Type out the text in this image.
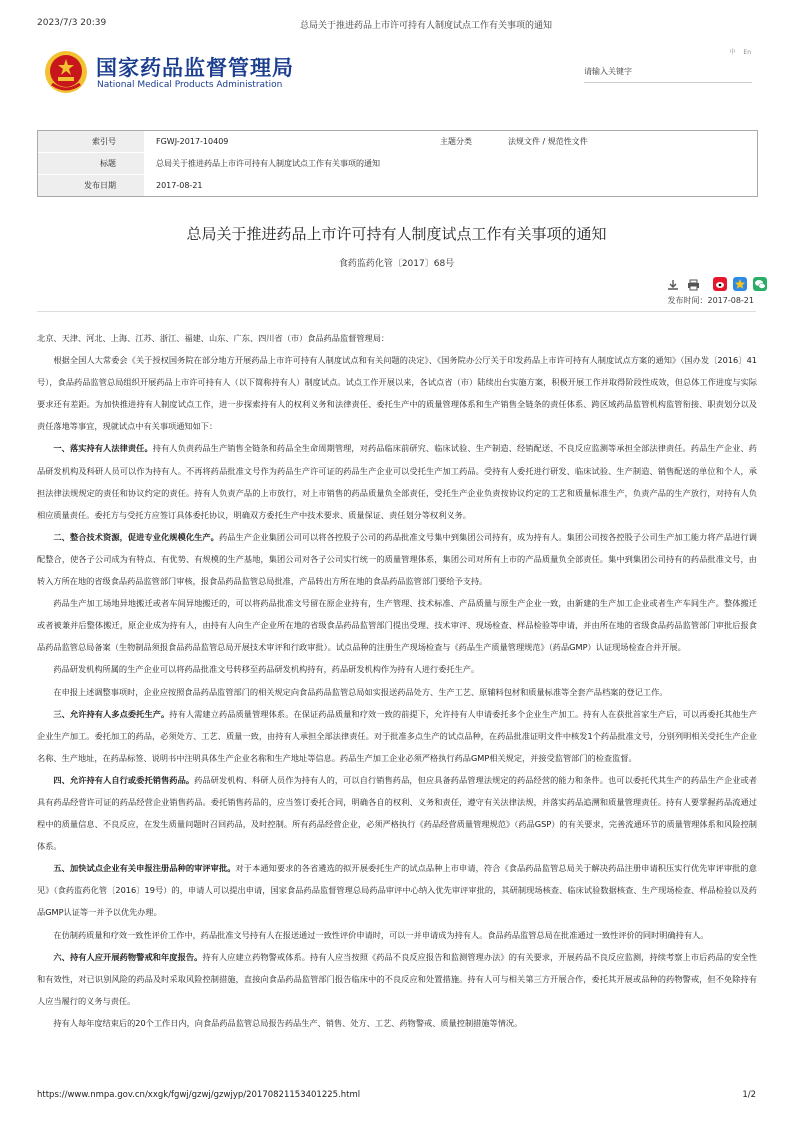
2023/7/3 20:39	总局关于推进药品上市许可持有人制度试点工作有关事项的通知
国家药品监督管理局
National Medical Products Administration
中 En
请输入关键字
索引号	FGWJ-2017-10409	主题分类	法规文件 / 规范性文件
标题	总局关于推进药品上市许可持有人制度试点工作有关事项的通知		
发布日期	2017-08-21		
总局关于推进药品上市许可持有人制度试点工作有关事项的通知
食药监药化管〔2017〕68号

发布时间：2017-08-21

北京、天津、河北、上海、江苏、浙江、福建、山东、广东、四川省（市）食品药品监督管理局：

根据全国人大常委会《关于授权国务院在部分地方开展药品上市许可持有人制度试点和有关问题的决定》、《国务院办公厅关于印发药品上市许可持有人制度试点方案的通知》（国办发〔2016〕41号），食品药品监管总局组织开展药品上市许可持有人（以下简称持有人）制度试点。试点工作开展以来，各试点省（市）陆续出台实施方案，积极开展工作并取得阶段性成效，但总体工作进度与实际要求还有差距。为加快推进持有人制度试点工作，进一步探索持有人的权利义务和法律责任、委托生产中的质量管理体系和生产销售全链条的责任体系、跨区域药品监管机构监管衔接、职责划分以及责任落地等事宜，现就试点中有关事项通知如下：

一、落实持有人法律责任。持有人负责药品生产销售全链条和药品全生命周期管理，对药品临床前研究、临床试验、生产制造、经销配送、不良反应监测等承担全部法律责任。药品生产企业、药品研发机构及科研人员可以作为持有人。不再将药品批准文号作为药品生产许可证的药品生产企业可以受托生产加工药品。受持有人委托进行研发、临床试验、生产制造、销售配送的单位和个人，承担法律法规规定的责任和协议约定的责任。持有人负责产品的上市放行，对上市销售的药品质量负全部责任，受托生产企业负责按协议约定的工艺和质量标准生产，负责产品的生产放行，对持有人负相应质量责任。委托方与受托方应签订具体委托协议，明确双方委托生产中技术要求、质量保证、责任划分等权利义务。

二、整合技术资源，促进专业化规模化生产。药品生产企业集团公司可以将各控股子公司的药品批准文号集中到集团公司持有，成为持有人。集团公司按各控股子公司生产加工能力将产品进行调配整合，使各子公司成为有特点、有优势、有规模的生产基地，集团公司对各子公司实行统一的质量管理体系，集团公司对所有上市的产品质量负全部责任。集中到集团公司持有的药品批准文号，由转入方所在地的省级食品药品监管部门审核，报食品药品监管总局批准，产品转出方所在地的食品药品监管部门要给予支持。

药品生产加工场地异地搬迁或者车间异地搬迁的，可以将药品批准文号留在原企业持有，生产管理、技术标准、产品质量与原生产企业一致，由新建的生产加工企业或者生产车间生产。整体搬迁或者被兼并后整体搬迁，原企业成为持有人，由持有人向生产企业所在地的省级食品药品监管部门提出受理、技术审评、现场检查、样品检验等申请，并由所在地的省级食品药品监管部门审批后报食品药品监管总局备案（生物制品须报食品药品监管总局开展技术审评和行政审批）。试点品种的注册生产现场检查与《药品生产质量管理规范》（药品GMP）认证现场检查合并开展。

药品研发机构所属的生产企业可以将药品批准文号转移至药品研发机构持有，药品研发机构作为持有人进行委托生产。

在申报上述调整事项时，企业应按照食品药品监管部门的相关规定向食品药品监管总局如实报送药品处方、生产工艺、原辅料包材和质量标准等全套产品档案的登记工作。

三、允许持有人多点委托生产。持有人需建立药品质量管理体系。在保证药品质量和疗效一致的前提下，允许持有人申请委托多个企业生产加工。持有人在获批首家生产后，可以再委托其他生产企业生产加工。委托加工的药品，必须处方、工艺、质量一致，由持有人承担全部法律责任。对于批准多点生产的试点品种，在药品批准证明文件中核发1个药品批准文号，分别列明相关受托生产企业名称、生产地址，在药品标签、说明书中注明具体生产企业名称和生产地址等信息。药品生产加工企业必须严格执行药品GMP相关规定，并接受监管部门的检查监督。

四、允许持有人自行或委托销售药品。药品研发机构、科研人员作为持有人的，可以自行销售药品，但应具备药品管理法规定的药品经营的能力和条件。也可以委托代其生产的药品生产企业或者具有药品经营许可证的药品经营企业销售药品。委托销售药品的，应当签订委托合同，明确各自的权利、义务和责任，遵守有关法律法规，并落实药品追溯和质量管理责任。持有人要掌握药品流通过程中的质量信息、不良反应，在发生质量问题时召回药品，及时控制。所有药品经营企业，必须严格执行《药品经营质量管理规范》（药品GSP）的有关要求，完善流通环节的质量管理体系和风险控制体系。

五、加快试点企业有关申报注册品种的审评审批。对于本通知要求的各省遴选的拟开展委托生产的试点品种上市申请，符合《食品药品监管总局关于解决药品注册申请积压实行优先审评审批的意见》（食药监药化管〔2016〕19号）的，申请人可以提出申请，国家食品药品监督管理总局药品审评中心纳入优先审评审批的，其研制现场核查、临床试验数据核查、生产现场检查、样品检验以及药品GMP认证等一并予以优先办理。

在仿制药质量和疗效一致性评价工作中，药品批准文号持有人在报送通过一致性评价申请时，可以一并申请成为持有人。食品药品监管总局在批准通过一致性评价的同时明确持有人。

六、持有人应开展药物警戒和年度报告。持有人应建立药物警戒体系。持有人应当按照《药品不良反应报告和监测管理办法》的有关要求，开展药品不良反应监测，持续考察上市后药品的安全性和有效性，对已识别风险的药品及时采取风险控制措施，直接向食品药品监管部门报告临床中的不良反应和处置措施。持有人可与相关第三方开展合作，委托其开展或品种的药物警戒，但不免除持有人应当履行的义务与责任。

持有人每年度结束后的20个工作日内，向食品药品监管总局报告药品生产、销售、处方、工艺、药物警戒、质量控制措施等情况。

https://www.nmpa.gov.cn/xxgk/fgwj/gzwj/gzwjyp/20170821153401225.html	1/2
